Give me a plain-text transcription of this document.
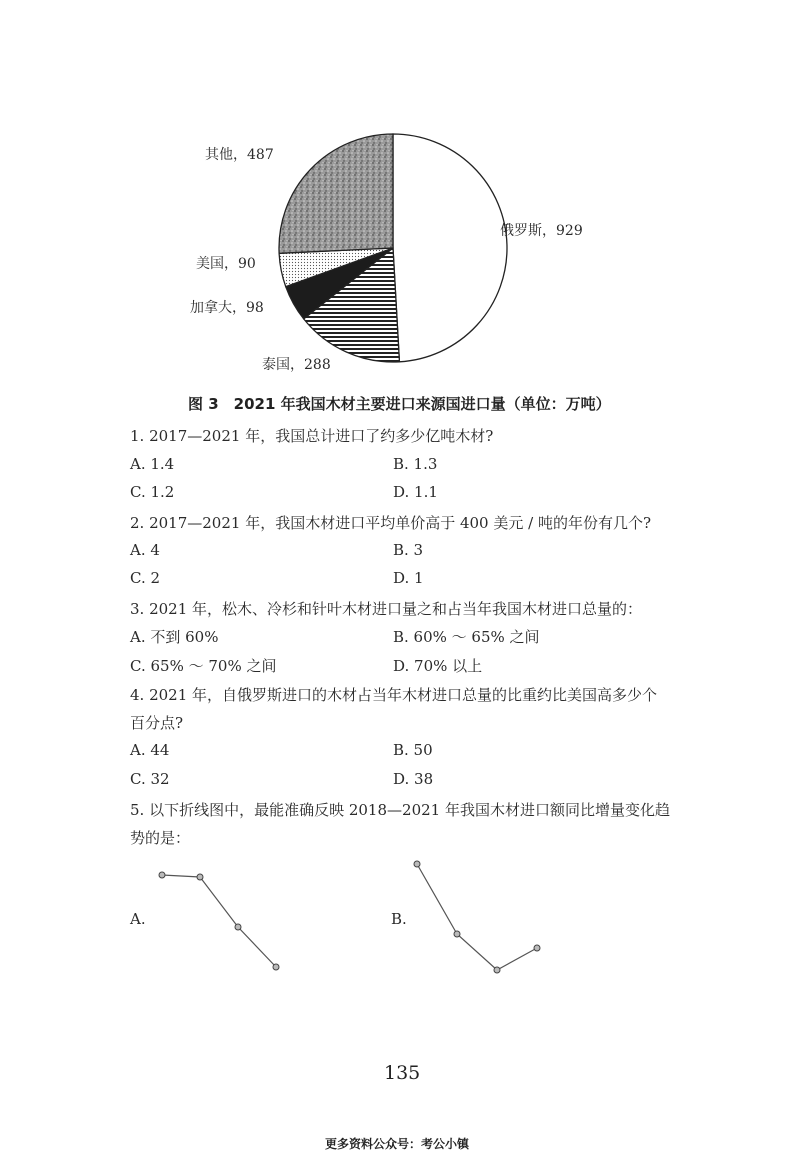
其他，487
俄罗斯，929
美国，90
加拿大，98
泰国，288
图 3　2021 年我国木材主要进口来源国进口量（单位：万吨）
1. 2017—2021 年，我国总计进口了约多少亿吨木材?
A. 1.4	B. 1.3
C. 1.2	D. 1.1
2. 2017—2021 年，我国木材进口平均单价高于 400 美元 / 吨的年份有几个?
A. 4	B. 3
C. 2	D. 1
3. 2021 年，松木、冷杉和针叶木材进口量之和占当年我国木材进口总量的：
A. 不到 60%	B. 60% ～ 65% 之间
C. 65% ～ 70% 之间	D. 70% 以上
4. 2021 年，自俄罗斯进口的木材占当年木材进口总量的比重约比美国高多少个
百分点?
A. 44	B. 50
C. 32	D. 38
5. 以下折线图中，最能准确反映 2018—2021 年我国木材进口额同比增量变化趋
势的是：
A.	B.
135
更多资料公众号：考公小镇
